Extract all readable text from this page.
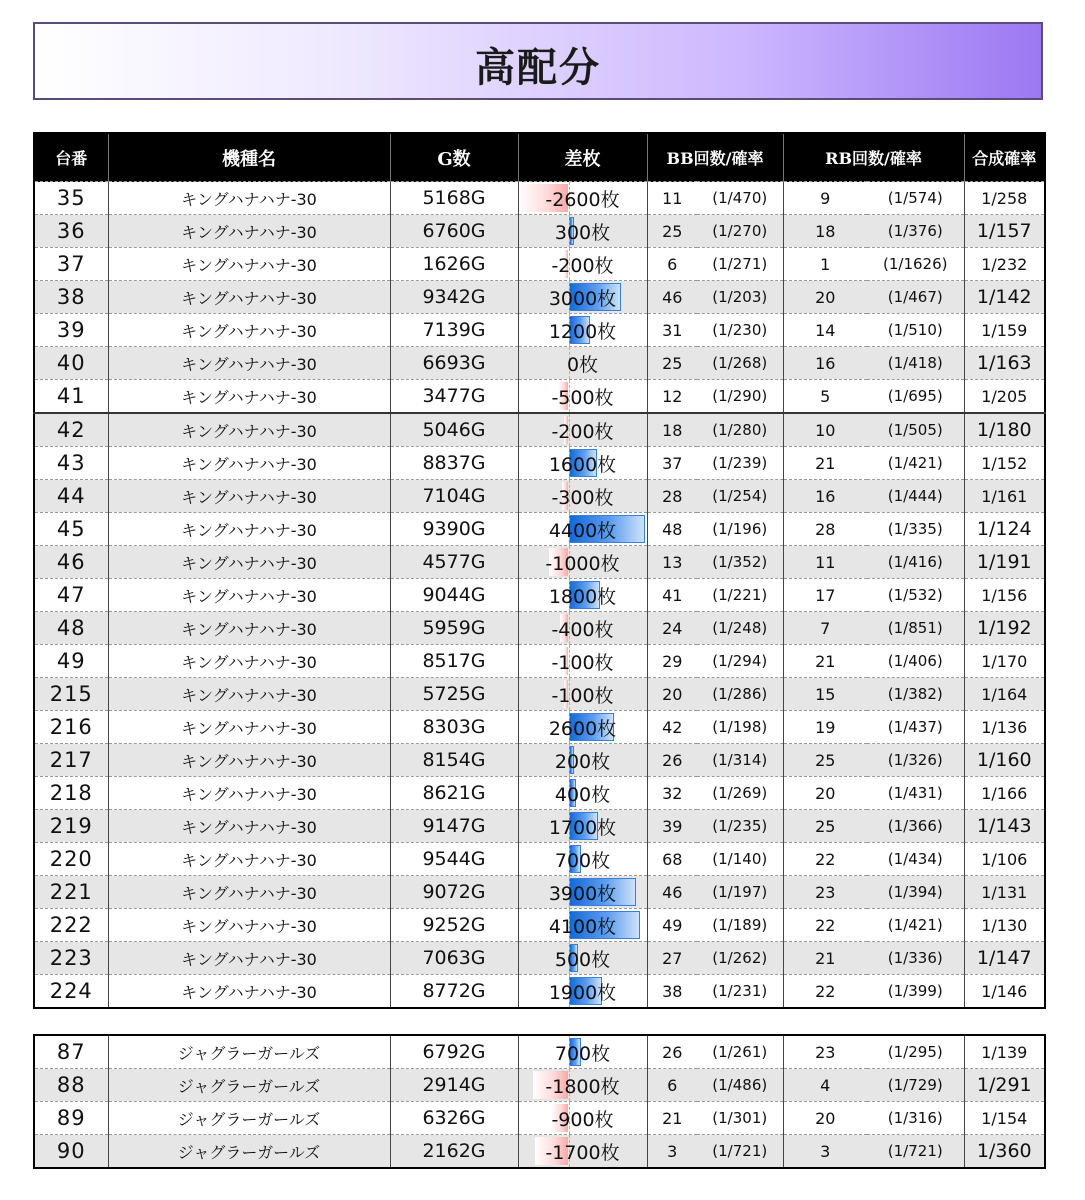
高配分
台番	機種名	G数	差枚	BB回数/確率		RB回数/確率		合成確率
35	キングハナハナ-30	5168G	-2600枚	11	(1/470)	9	(1/574)	1/258
36	キングハナハナ-30	6760G	300枚	25	(1/270)	18	(1/376)	1/157
37	キングハナハナ-30	1626G	-200枚	6	(1/271)	1	(1/1626)	1/232
38	キングハナハナ-30	9342G	3000枚	46	(1/203)	20	(1/467)	1/142
39	キングハナハナ-30	7139G	1200枚	31	(1/230)	14	(1/510)	1/159
40	キングハナハナ-30	6693G	0枚	25	(1/268)	16	(1/418)	1/163
41	キングハナハナ-30	3477G	-500枚	12	(1/290)	5	(1/695)	1/205
42	キングハナハナ-30	5046G	-200枚	18	(1/280)	10	(1/505)	1/180
43	キングハナハナ-30	8837G	1600枚	37	(1/239)	21	(1/421)	1/152
44	キングハナハナ-30	7104G	-300枚	28	(1/254)	16	(1/444)	1/161
45	キングハナハナ-30	9390G	4400枚	48	(1/196)	28	(1/335)	1/124
46	キングハナハナ-30	4577G	-1000枚	13	(1/352)	11	(1/416)	1/191
47	キングハナハナ-30	9044G	1800枚	41	(1/221)	17	(1/532)	1/156
48	キングハナハナ-30	5959G	-400枚	24	(1/248)	7	(1/851)	1/192
49	キングハナハナ-30	8517G	-100枚	29	(1/294)	21	(1/406)	1/170
215	キングハナハナ-30	5725G	-100枚	20	(1/286)	15	(1/382)	1/164
216	キングハナハナ-30	8303G	2600枚	42	(1/198)	19	(1/437)	1/136
217	キングハナハナ-30	8154G	200枚	26	(1/314)	25	(1/326)	1/160
218	キングハナハナ-30	8621G	400枚	32	(1/269)	20	(1/431)	1/166
219	キングハナハナ-30	9147G	1700枚	39	(1/235)	25	(1/366)	1/143
220	キングハナハナ-30	9544G	700枚	68	(1/140)	22	(1/434)	1/106
221	キングハナハナ-30	9072G	3900枚	46	(1/197)	23	(1/394)	1/131
222	キングハナハナ-30	9252G	4100枚	49	(1/189)	22	(1/421)	1/130
223	キングハナハナ-30	7063G	500枚	27	(1/262)	21	(1/336)	1/147
224	キングハナハナ-30	8772G	1900枚	38	(1/231)	22	(1/399)	1/146
87	ジャグラーガールズ	6792G	700枚	26	(1/261)	23	(1/295)	1/139
88	ジャグラーガールズ	2914G	-1800枚	6	(1/486)	4	(1/729)	1/291
89	ジャグラーガールズ	6326G	-900枚	21	(1/301)	20	(1/316)	1/154
90	ジャグラーガールズ	2162G	-1700枚	3	(1/721)	3	(1/721)	1/360
